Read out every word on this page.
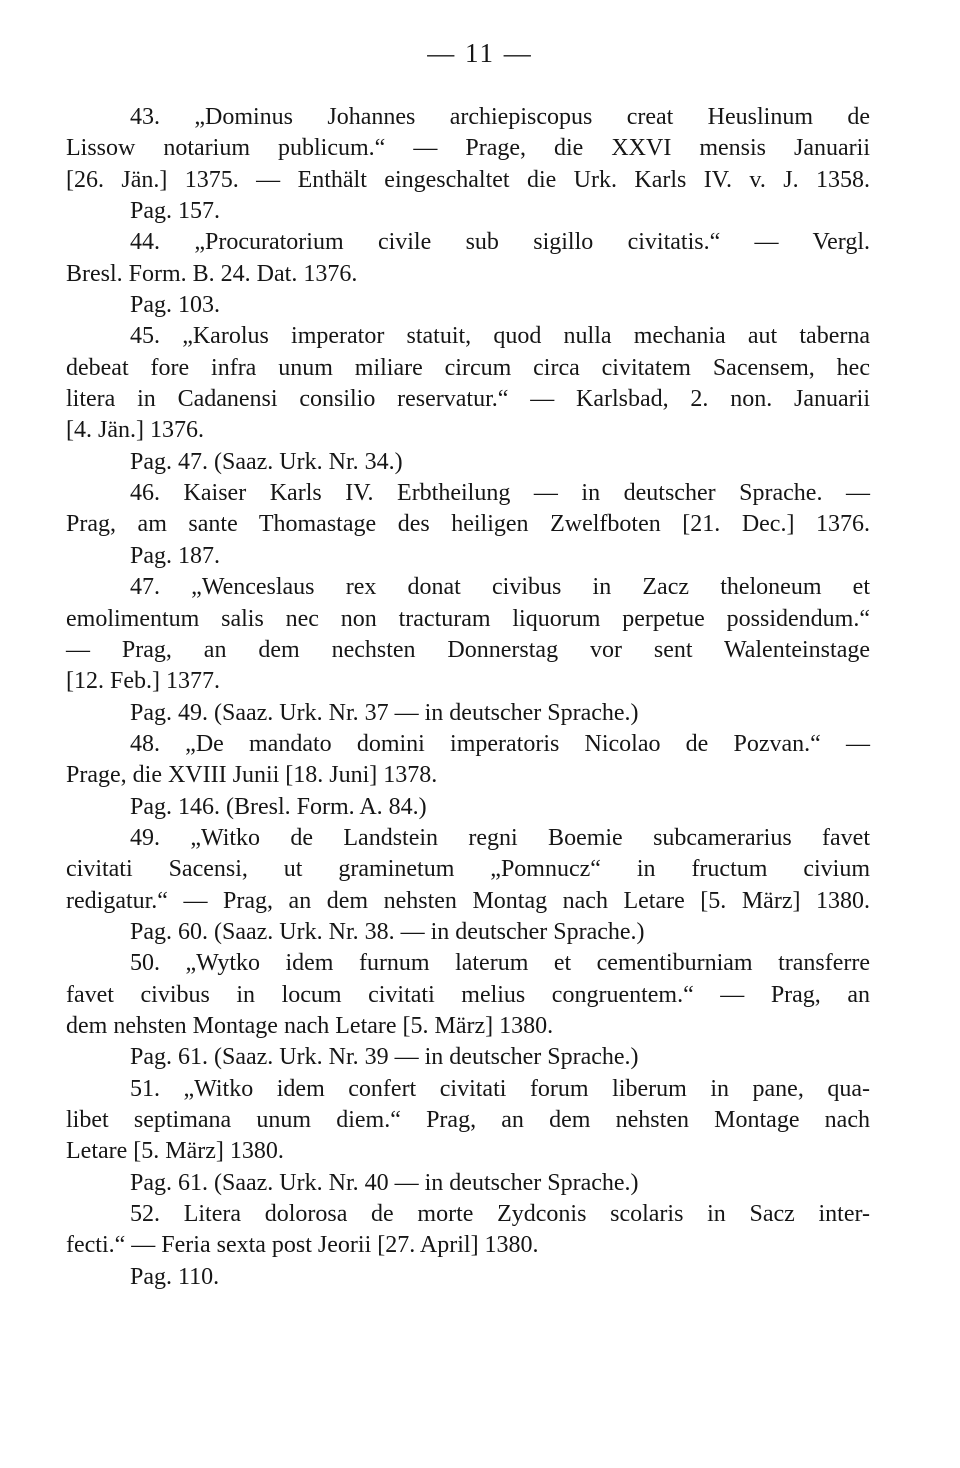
— 11 —
43. „Dominus Johannes archiepiscopus creat Heuslinum de
Lissow notarium publicum.“ — Prage, die XXVI mensis Januarii
[26. Jän.] 1375. — Enthält eingeschaltet die Urk. Karls IV. v. J. 1358.
Pag. 157.
44. „Procuratorium civile sub sigillo civitatis.“ — Vergl.
Bresl. Form. B. 24. Dat. 1376.
Pag. 103.
45. „Karolus imperator statuit, quod nulla mechania aut taberna
debeat fore infra unum miliare circum circa civitatem Sacensem, hec
litera in Cadanensi consilio reservatur.“ — Karlsbad, 2. non. Januarii
[4. Jän.] 1376.
Pag. 47. (Saaz. Urk. Nr. 34.)
46. Kaiser Karls IV. Erbtheilung — in deutscher Sprache. —
Prag, am sante Thomastage des heiligen Zwelfboten [21. Dec.] 1376.
Pag. 187.
47. „Wenceslaus rex donat civibus in Zacz theloneum et
emolimentum salis nec non tracturam liquorum perpetue possidendum.“
— Prag, an dem nechsten Donnerstag vor sent Walenteinstage
[12. Feb.] 1377.
Pag. 49. (Saaz. Urk. Nr. 37 — in deutscher Sprache.)
48. „De mandato domini imperatoris Nicolao de Pozvan.“ —
Prage, die XVIII Junii [18. Juni] 1378.
Pag. 146. (Bresl. Form. A. 84.)
49. „Witko de Landstein regni Boemie subcamerarius favet
civitati Sacensi, ut graminetum „Pomnucz“ in fructum civium
redigatur.“ — Prag, an dem nehsten Montag nach Letare [5. März] 1380.
Pag. 60. (Saaz. Urk. Nr. 38. — in deutscher Sprache.)
50. „Wytko idem furnum laterum et cementiburniam transferre
favet civibus in locum civitati melius congruentem.“ — Prag, an
dem nehsten Montage nach Letare [5. März] 1380.
Pag. 61. (Saaz. Urk. Nr. 39 — in deutscher Sprache.)
51. „Witko idem confert civitati forum liberum in pane, qua-
libet septimana unum diem.“ Prag, an dem nehsten Montage nach
Letare [5. März] 1380.
Pag. 61. (Saaz. Urk. Nr. 40 — in deutscher Sprache.)
52. Litera dolorosa de morte Zydconis scolaris in Sacz inter-
fecti.“ — Feria sexta post Jeorii [27. April] 1380.
Pag. 110.
